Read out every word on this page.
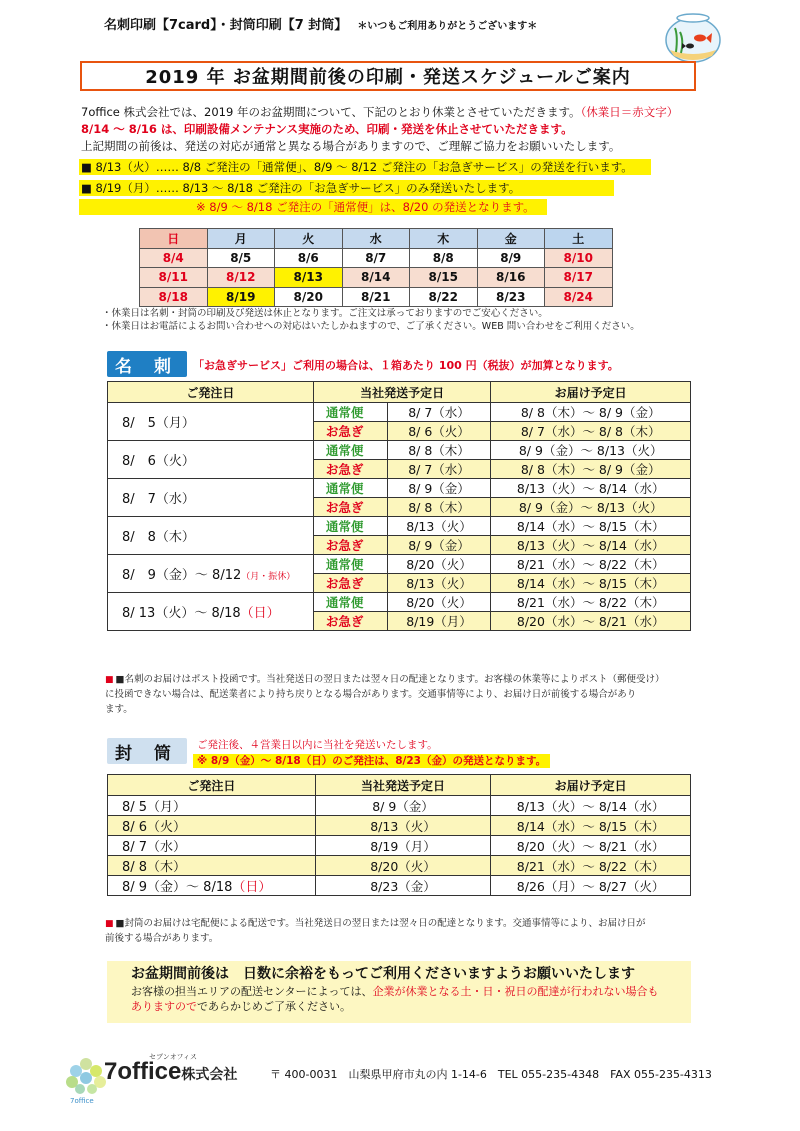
名刺印刷【7card】・封筒印刷【7 封筒】 ＊いつもご利用ありがとうございます＊
2019 年 お盆期間前後の印刷・発送スケジュールご案内
7office 株式会社では、2019 年のお盆期間について、下記のとおり休業とさせていただきます。（休業日＝赤文字）
8/14 ～ 8/16 は、印刷設備メンテナンス実施のため、印刷・発送を休止させていただきます。
上記期間の前後は、発送の対応が通常と異なる場合がありますので、ご理解ご協力をお願いいたします。
■ 8/13（火）…… 8/8 ご発注の「通常便」、8/9 ～ 8/12 ご発注の「お急ぎサービス」の発送を行います。
■ 8/19（月）…… 8/13 ～ 8/18 ご発注の「お急ぎサービス」のみ発送いたします。
※ 8/9 ～ 8/18 ご発注の「通常便」は、8/20 の発送となります。
日	月	火	水	木	金	土
8/4	8/5	8/6	8/7	8/8	8/9	8/10
8/11	8/12	8/13	8/14	8/15	8/16	8/17
8/18	8/19	8/20	8/21	8/22	8/23	8/24
・休業日は名刺・封筒の印刷及び発送は休止となります。ご注文は承っておりますのでご安心ください。
・休業日はお電話によるお問い合わせへの対応はいたしかねますので、ご了承ください。WEB 問い合わせをご利用ください。
名 刺	「お急ぎサービス」ご利用の場合は、１箱あたり 100 円（税抜）が加算となります。
ご発注日	当社発送予定日		お届け予定日
8/　5（月）	通常便	8/ 7（水）	8/ 8（木）～ 8/ 9（金）
	お急ぎ	8/ 6（火）	8/ 7（水）～ 8/ 8（木）
8/　6（火）	通常便	8/ 8（木）	8/ 9（金）～ 8/13（火）
	お急ぎ	8/ 7（水）	8/ 8（木）～ 8/ 9（金）
8/　7（水）	通常便	8/ 9（金）	8/13（火）～ 8/14（水）
	お急ぎ	8/ 8（木）	8/ 9（金）～ 8/13（火）
8/　8（木）	通常便	8/13（火）	8/14（水）～ 8/15（木）
	お急ぎ	8/ 9（金）	8/13（火）～ 8/14（水）
8/　9（金）～ 8/12（月・振休）	通常便	8/20（火）	8/21（水）～ 8/22（木）
	お急ぎ	8/13（火）	8/14（水）～ 8/15（木）
8/ 13（火）～ 8/18（日）	通常便	8/20（火）	8/21（水）～ 8/22（木）
	お急ぎ	8/19（月）	8/20（水）～ 8/21（水）
■ ■名刺のお届けはポスト投函です。当社発送日の翌日または翌々日の配達となります。お客様の休業等によりポスト（郵便受け）
に投函できない場合は、配送業者により持ち戻りとなる場合があります。交通事情等により、お届け日が前後する場合があり
ます。
封 筒	ご発注後、４営業日以内に当社を発送いたします。
※ 8/9（金）～ 8/18（日）のご発注は、8/23（金）の発送となります。
ご発注日	当社発送予定日	お届け予定日
8/ 5（月）	8/ 9（金）	8/13（火）～ 8/14（水）
8/ 6（火）	8/13（火）	8/14（水）～ 8/15（木）
8/ 7（水）	8/19（月）	8/20（火）～ 8/21（水）
8/ 8（木）	8/20（火）	8/21（水）～ 8/22（木）
8/ 9（金）～ 8/18（日）	8/23（金）	8/26（月）～ 8/27（火）
■ ■封筒のお届けは宅配便による配送です。当社発送日の翌日または翌々日の配達となります。交通事情等により、お届け日が
前後する場合があります。
お盆期間前後は　日数に余裕をもってご利用くださいますようお願いいたします
お客様の担当エリアの配送センターによっては、企業が休業となる土・日・祝日の配達が行われない場合も
ありますのでであらかじめご了承ください。
7office株式会社
セブンオフィス
7office
〒 400-0031　山梨県甲府市丸の内 1-14-6　TEL 055-235-4348　FAX 055-235-4313
